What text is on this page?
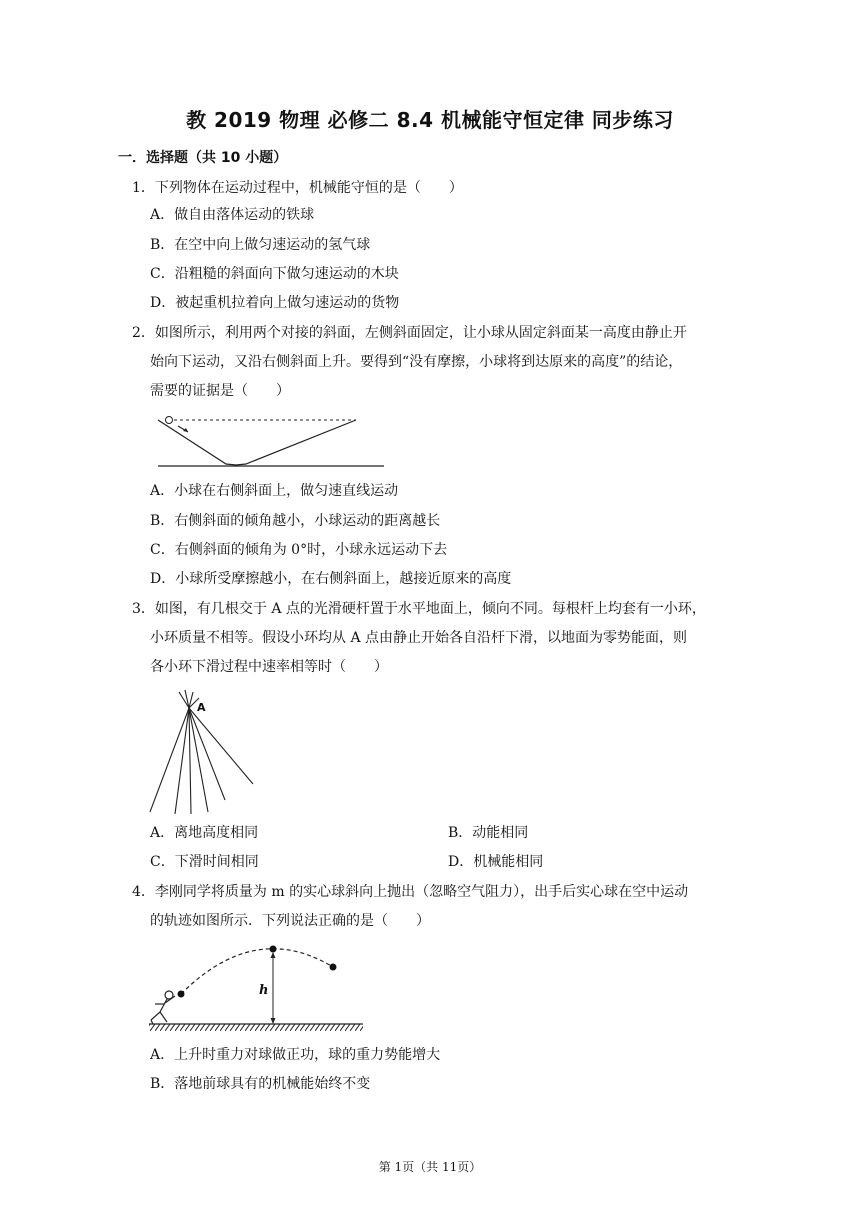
教 2019 物理 必修二 8.4 机械能守恒定律 同步练习
一．选择题（共 10 小题）
1．下列物体在运动过程中，机械能守恒的是（　　）
A．做自由落体运动的铁球
B．在空中向上做匀速运动的氢气球
C．沿粗糙的斜面向下做匀速运动的木块
D．被起重机拉着向上做匀速运动的货物
2．如图所示，利用两个对接的斜面，左侧斜面固定，让小球从固定斜面某一高度由静止开
始向下运动，又沿右侧斜面上升。要得到“没有摩擦，小球将到达原来的高度”的结论，
需要的证据是（　　）
A．小球在右侧斜面上，做匀速直线运动
B．右侧斜面的倾角越小，小球运动的距离越长
C．右侧斜面的倾角为 0°时，小球永远运动下去
D．小球所受摩擦越小，在右侧斜面上，越接近原来的高度
3．如图，有几根交于 A 点的光滑硬杆置于水平地面上，倾向不同。每根杆上均套有一小环，
小环质量不相等。假设小环均从 A 点由静止开始各自沿杆下滑，以地面为零势能面，则
各小环下滑过程中速率相等时（　　）
A
A．离地高度相同	B．动能相同
C．下滑时间相同	D．机械能相同
4．李刚同学将质量为 m 的实心球斜向上抛出（忽略空气阻力），出手后实心球在空中运动
的轨迹如图所示．下列说法正确的是（　　）
h
A．上升时重力对球做正功，球的重力势能增大
B．落地前球具有的机械能始终不变
第 1页（共 11页）
